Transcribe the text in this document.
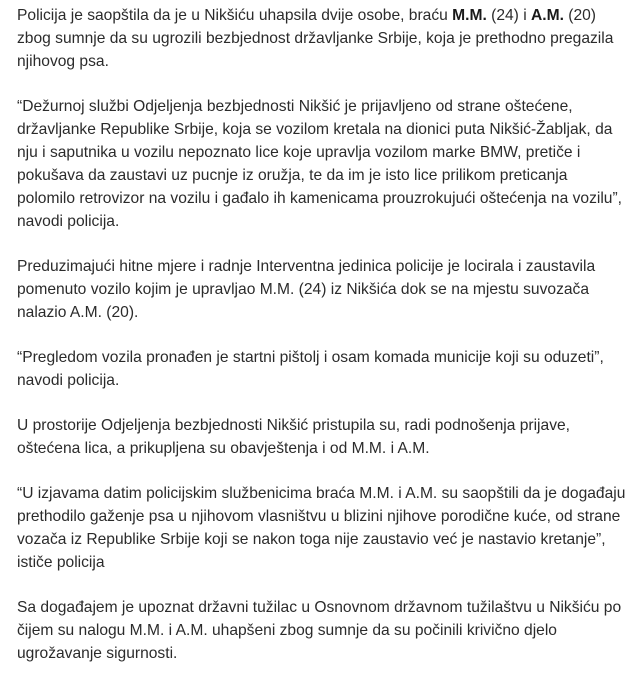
Policija je saopštila da je u Nikšiću uhapsila dvije osobe, braću M.M. (24) i A.M. (20) zbog sumnje da su ugrozili bezbjednost državljanke Srbije, koja je prethodno pregazila njihovog psa.

“Dežurnoj službi Odjeljenja bezbjednosti Nikšić je prijavljeno od strane oštećene, državljanke Republike Srbije, koja se vozilom kretala na dionici puta Nikšić-Žabljak, da nju i saputnika u vozilu nepoznato lice koje upravlja vozilom marke BMW, pretiče i pokušava da zaustavi uz pucnje iz oružja, te da im je isto lice prilikom preticanja polomilo retrovizor na vozilu i gađalo ih kamenicama prouzrokujući oštećenja na vozilu”, navodi policija.

Preduzimajući hitne mjere i radnje Interventna jedinica policije je locirala i zaustavila pomenuto vozilo kojim je upravljao M.M. (24) iz Nikšića dok se na mjestu suvozača nalazio A.M. (20).

“Pregledom vozila pronađen je startni pištolj i osam komada municije koji su oduzeti”, navodi policija.

U prostorije Odjeljenja bezbjednosti Nikšić pristupila su, radi podnošenja prijave, oštećena lica, a prikupljena su obavještenja i od M.M. i A.M.

“U izjavama datim policijskim službenicima braća M.M. i A.M. su saopštili da je događaju prethodilo gaženje psa u njihovom vlasništvu u blizini njihove porodične kuće, od strane vozača iz Republike Srbije koji se nakon toga nije zaustavio već je nastavio kretanje”, ističe policija

Sa događajem je upoznat državni tužilac u Osnovnom državnom tužilaštvu u Nikšiću po čijem su nalogu M.M. i A.M. uhapšeni zbog sumnje da su počinili krivično djelo ugrožavanje sigurnosti.
